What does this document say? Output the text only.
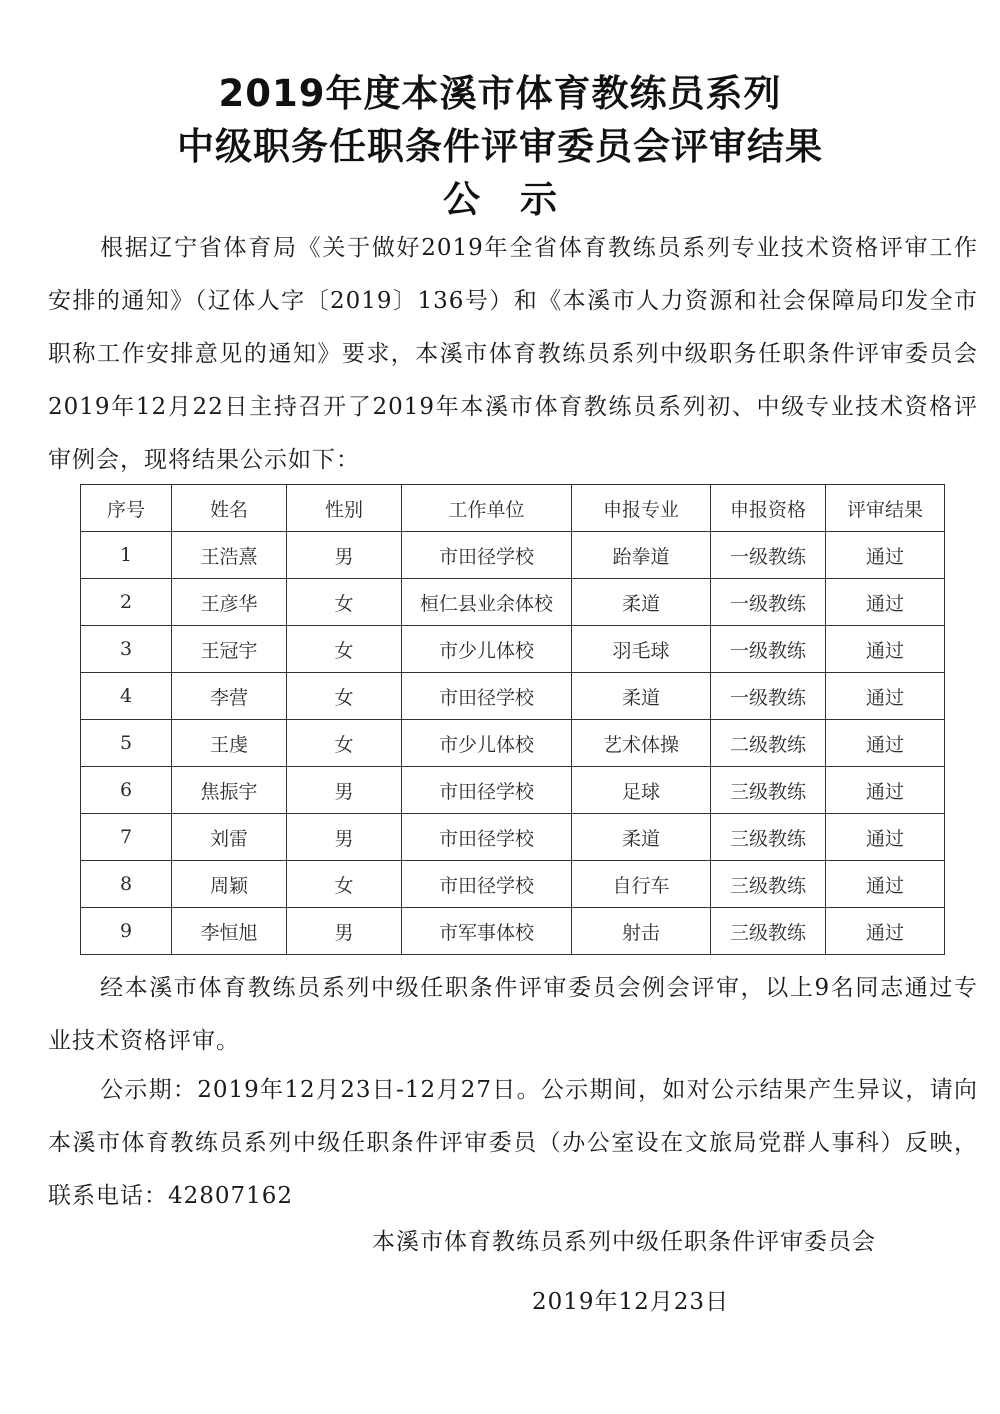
2019年度本溪市体育教练员系列
中级职务任职条件评审委员会评审结果
公示
根据辽宁省体育局《关于做好2019年全省体育教练员系列专业技术资格评审工作安排的通知》（辽体人字〔2019〕136号）和《本溪市人力资源和社会保障局印发全市职称工作安排意见的通知》要求，本溪市体育教练员系列中级职务任职条件评审委员会2019年12月22日主持召开了2019年本溪市体育教练员系列初、中级专业技术资格评审例会，现将结果公示如下：
序号	姓名	性别	工作单位	申报专业	申报资格	评审结果
1	王浩熹	男	市田径学校	跆拳道	一级教练	通过
2	王彦华	女	桓仁县业余体校	柔道	一级教练	通过
3	王冠宇	女	市少儿体校	羽毛球	一级教练	通过
4	李营	女	市田径学校	柔道	一级教练	通过
5	王虔	女	市少儿体校	艺术体操	二级教练	通过
6	焦振宇	男	市田径学校	足球	三级教练	通过
7	刘雷	男	市田径学校	柔道	三级教练	通过
8	周颖	女	市田径学校	自行车	三级教练	通过
9	李恒旭	男	市军事体校	射击	三级教练	通过
经本溪市体育教练员系列中级任职条件评审委员会例会评审，以上9名同志通过专业技术资格评审。
公示期：2019年12月23日-12月27日。公示期间，如对公示结果产生异议，请向本溪市体育教练员系列中级任职条件评审委员（办公室设在文旅局党群人事科）反映，联系电话：42807162
本溪市体育教练员系列中级任职条件评审委员会
2019年12月23日
